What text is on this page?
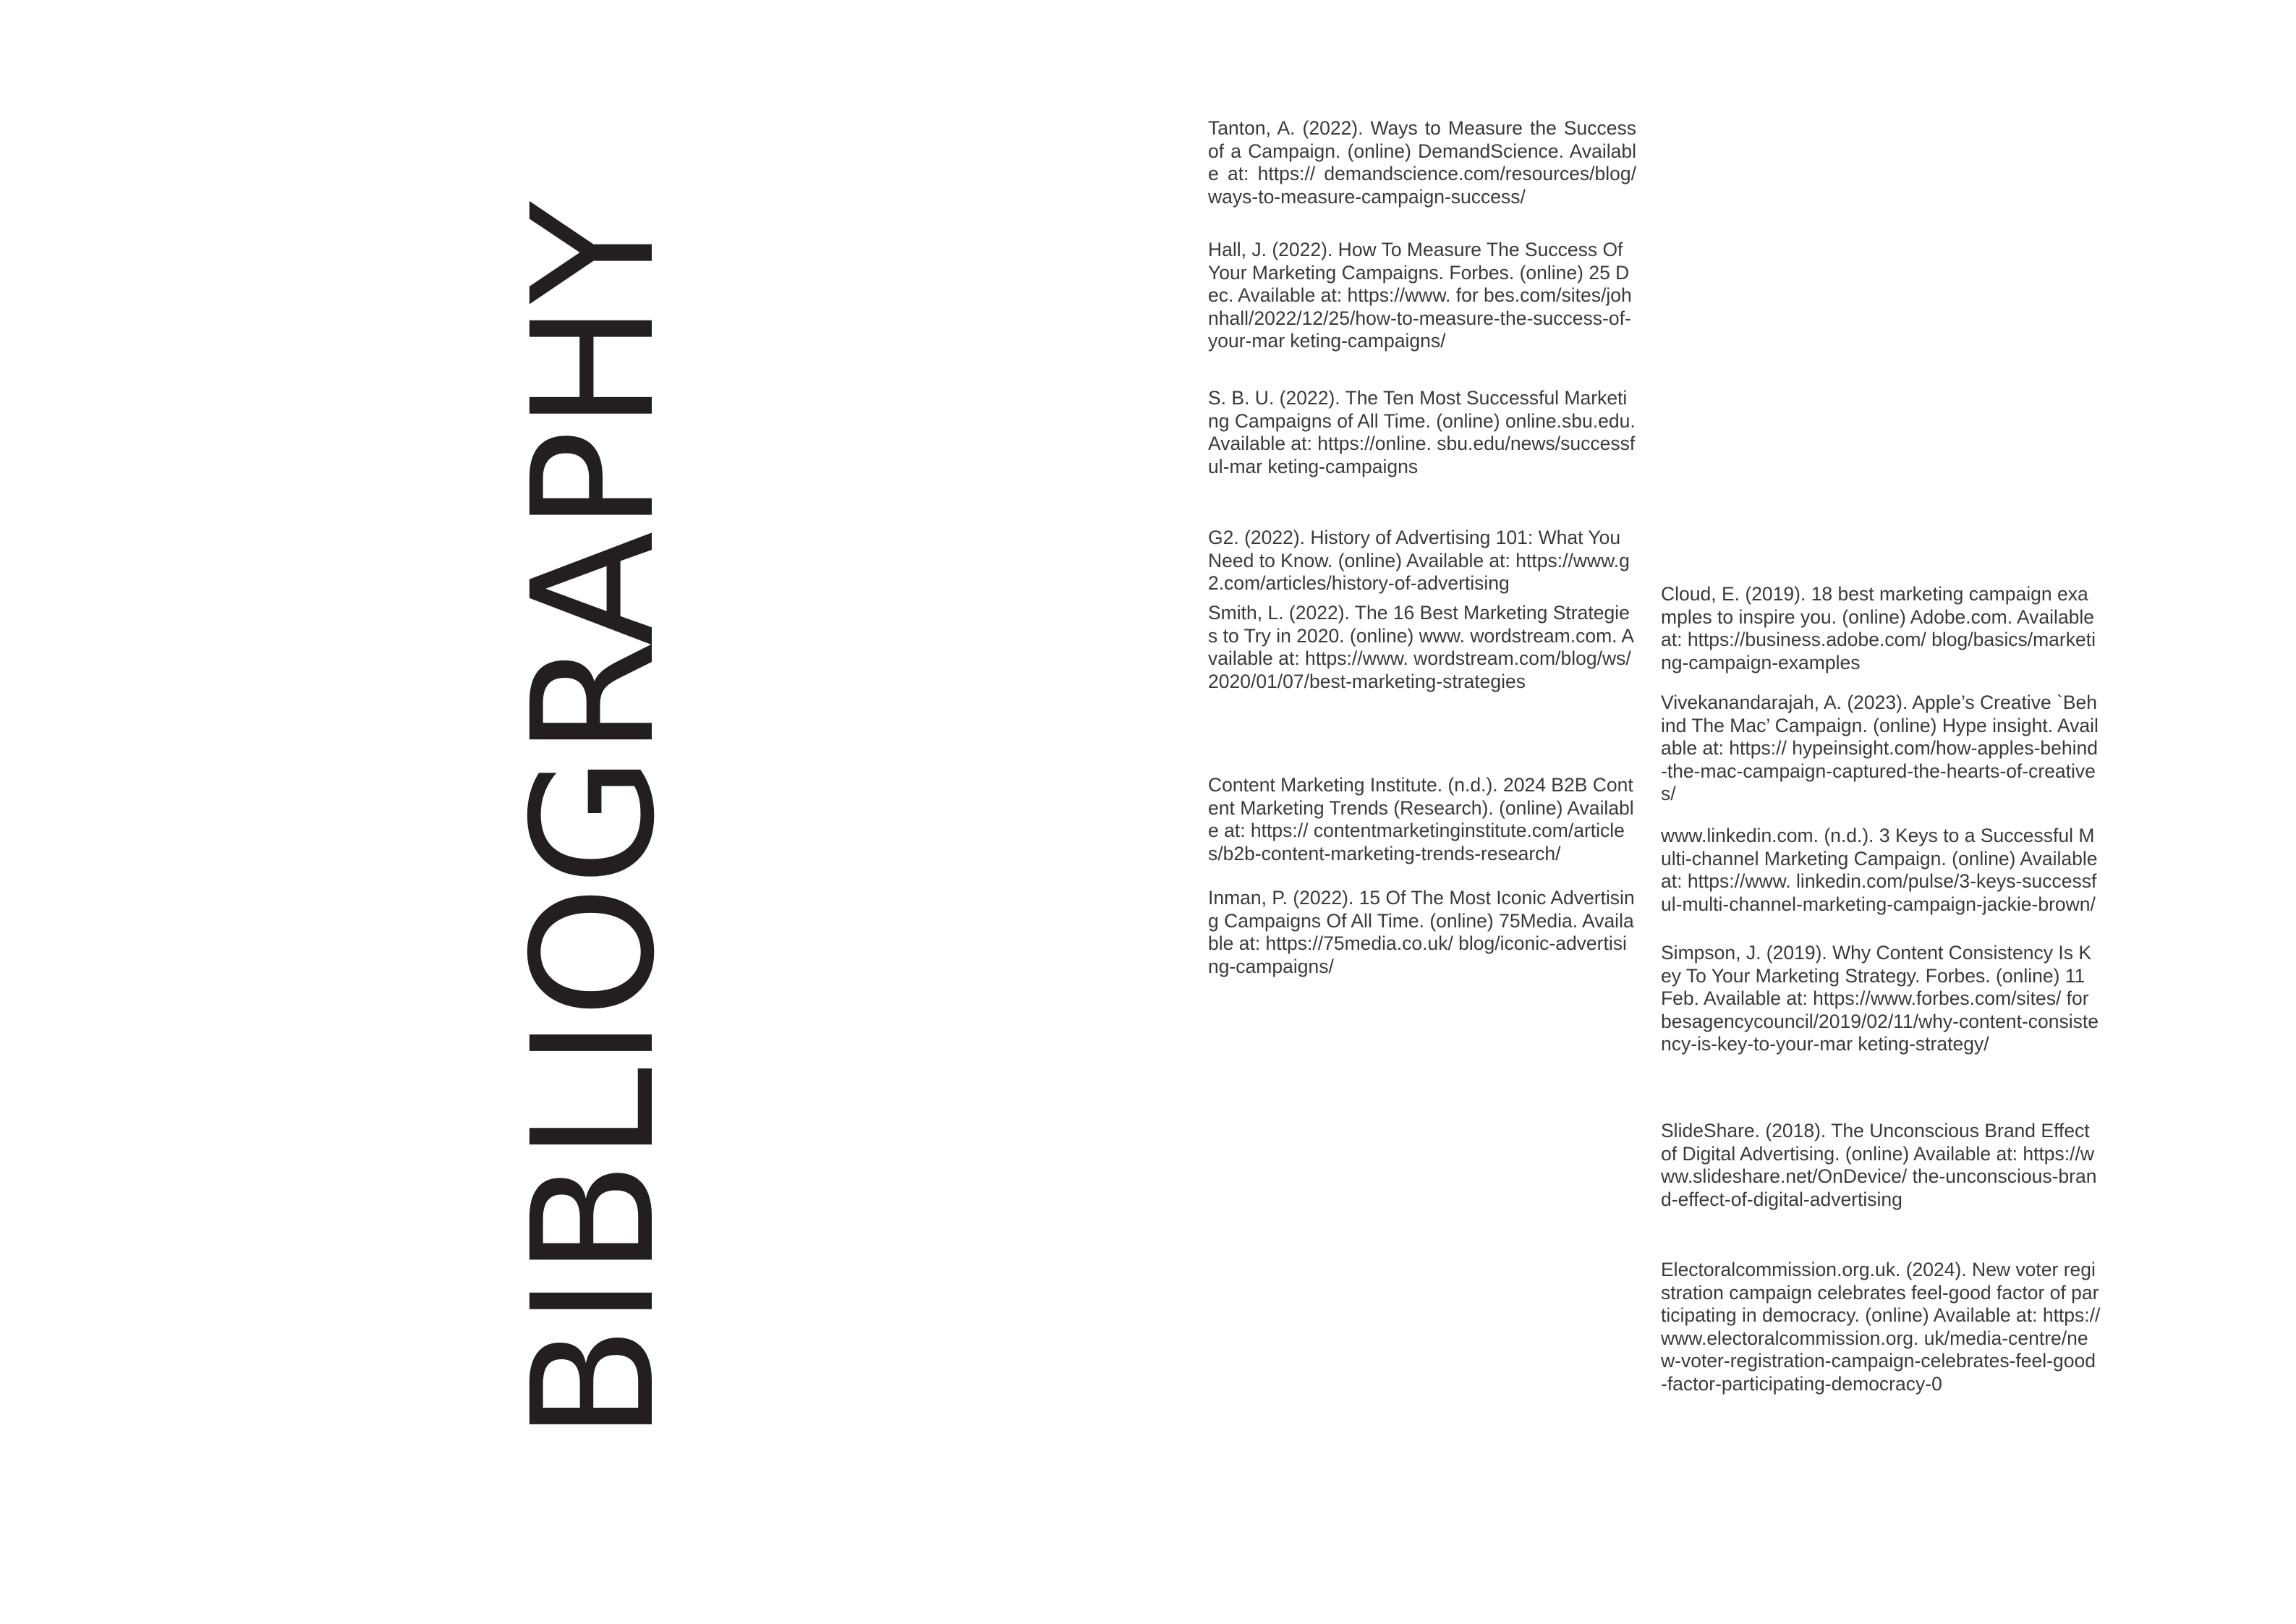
BIBLIOGRAPHY

Tanton, A. (2022). Ways to Measure the Success of a Campaign. (online) DemandScience. Available at: https:// demandscience.com/resources/blog/ways-to-measure-campaign-success/

Hall, J. (2022). How To Measure The Success Of Your Marketing Campaigns. Forbes. (online) 25 Dec. Available at: https://www. for bes.com/sites/johnhall/2022/12/25/how-to-measure-the-success-of-your-mar keting-campaigns/

S. B. U. (2022). The Ten Most Successful Marketing Campaigns of All Time. (online) online.sbu.edu. Available at: https://online. sbu.edu/news/successful-mar keting-campaigns

G2. (2022). History of Advertising 101: What You Need to Know. (online) Available at: https://www.g2.com/articles/history-of-advertising

Smith, L. (2022). The 16 Best Marketing Strategies to Try in 2020. (online) www. wordstream.com. Available at: https://www. wordstream.com/blog/ws/2020/01/07/best-marketing-strategies

Content Marketing Institute. (n.d.). 2024 B2B Content Marketing Trends (Research). (online) Available at: https:// contentmarketinginstitute.com/articles/b2b-content-marketing-trends-research/

Inman, P. (2022). 15 Of The Most Iconic Advertising Campaigns Of All Time. (online) 75Media. Available at: https://75media.co.uk/ blog/iconic-advertising-campaigns/

Cloud, E. (2019). 18 best marketing campaign examples to inspire you. (online) Adobe.com. Available at: https://business.adobe.com/ blog/basics/marketing-campaign-examples

Vivekanandarajah, A. (2023). Apple’s Creative `Behind The Mac’ Campaign. (online) Hype insight. Available at: https:// hypeinsight.com/how-apples-behind-the-mac-campaign-captured-the-hearts-of-creatives/

www.linkedin.com. (n.d.). 3 Keys to a Successful Multi-channel Marketing Campaign. (online) Available at: https://www. linkedin.com/pulse/3-keys-successful-multi-channel-marketing-campaign-jackie-brown/

Simpson, J. (2019). Why Content Consistency Is Key To Your Marketing Strategy. Forbes. (online) 11 Feb. Available at: https://www.forbes.com/sites/ for besagencycouncil/2019/02/11/why-content-consistency-is-key-to-your-mar keting-strategy/

SlideShare. (2018). The Unconscious Brand Effect of Digital Advertising. (online) Available at: https://www.slideshare.net/OnDevice/ the-unconscious-brand-effect-of-digital-advertising

Electoralcommission.org.uk. (2024). New voter registration campaign celebrates feel-good factor of participating in democracy. (online) Available at: https://www.electoralcommission.org. uk/media-centre/new-voter-registration-campaign-celebrates-feel-good-factor-participating-democracy-0
